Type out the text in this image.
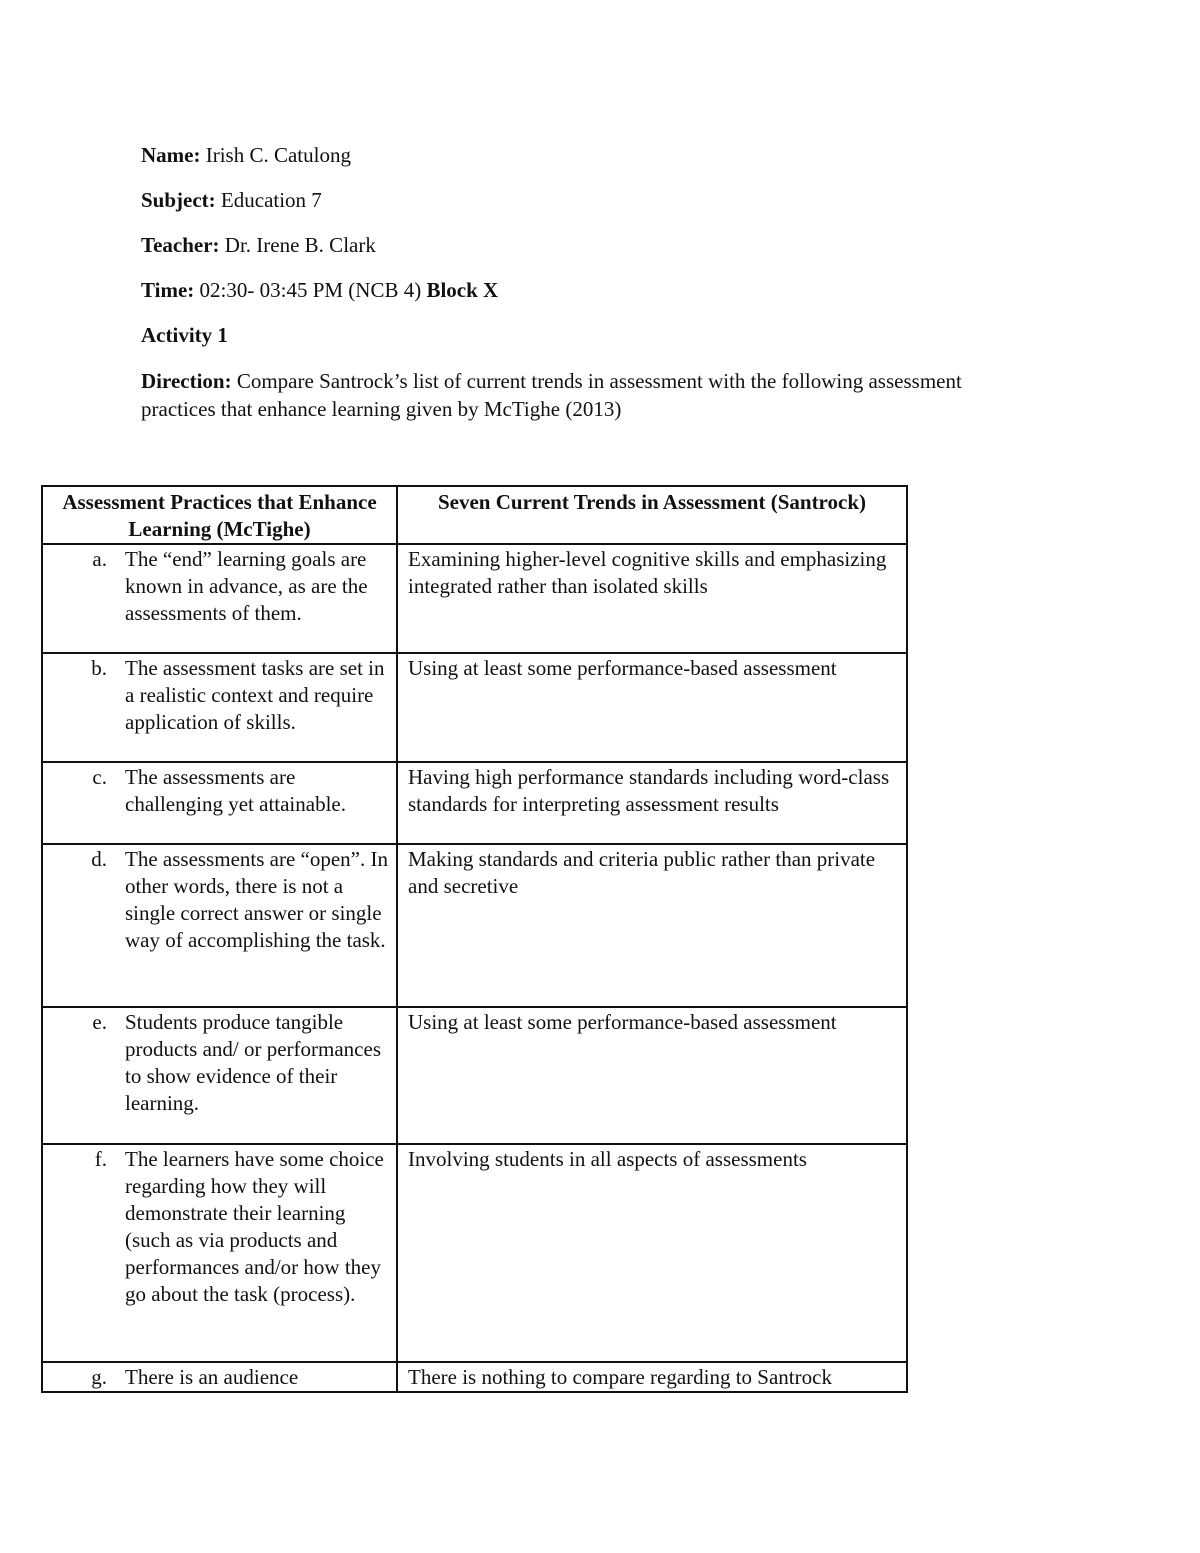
Name: Irish C. Catulong

Subject: Education 7

Teacher: Dr. Irene B. Clark

Time: 02:30- 03:45 PM (NCB 4) Block X

Activity 1

Direction: Compare Santrock’s list of current trends in assessment with the following assessment practices that enhance learning given by McTighe (2013)

Assessment Practices that Enhance Learning (McTighe)	Seven Current Trends in Assessment (Santrock)

a. The “end” learning goals are known in advance, as are the assessments of them.	Examining higher-level cognitive skills and emphasizing integrated rather than isolated skills

b. The assessment tasks are set in a realistic context and require application of skills.	Using at least some performance-based assessment

c. The assessments are challenging yet attainable.	Having high performance standards including word-class standards for interpreting assessment results

d. The assessments are “open”. In other words, there is not a single correct answer or single way of accomplishing the task.	Making standards and criteria public rather than private and secretive

e. Students produce tangible products and/ or performances to show evidence of their learning.	Using at least some performance-based assessment

f. The learners have some choice regarding how they will demonstrate their learning (such as via products and performances and/or how they go about the task (process).	Involving students in all aspects of assessments

g. There is an audience	There is nothing to compare regarding to Santrock
